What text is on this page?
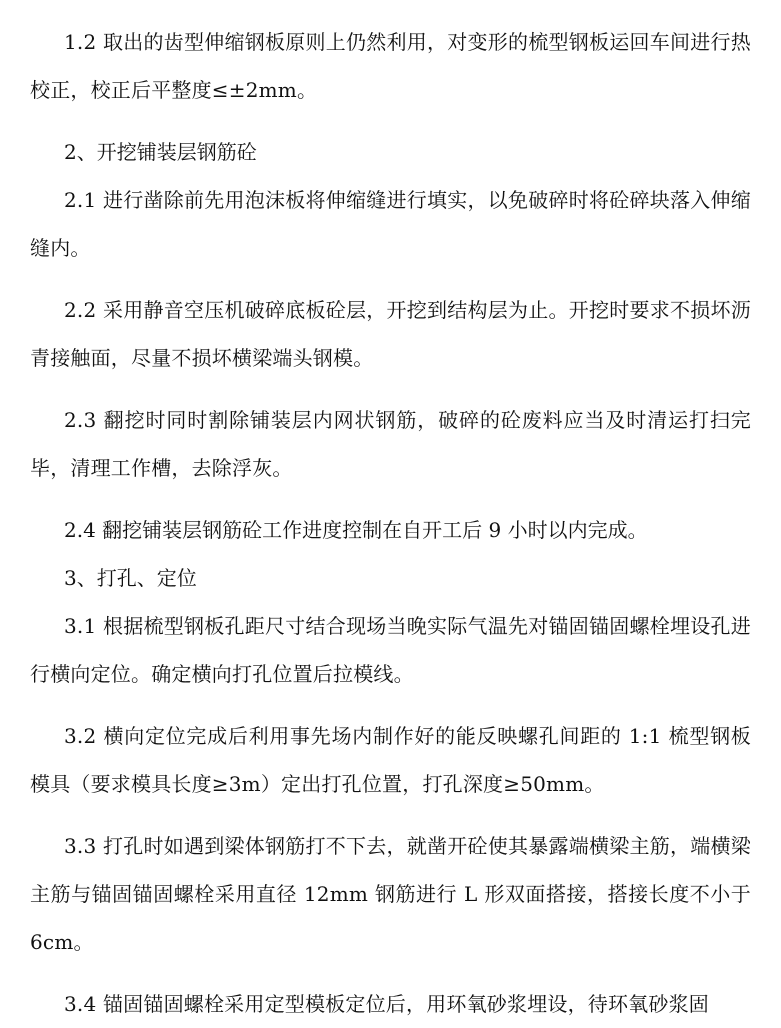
1.2 取出的齿型伸缩钢板原则上仍然利用，对变形的梳型钢板运回车间进行热校正，校正后平整度≤±2mm。

2、开挖铺装层钢筋砼

2.1 进行凿除前先用泡沫板将伸缩缝进行填实，以免破碎时将砼碎块落入伸缩缝内。

2.2 采用静音空压机破碎底板砼层，开挖到结构层为止。开挖时要求不损坏沥青接触面，尽量不损坏横梁端头钢模。

2.3 翻挖时同时割除铺装层内网状钢筋，破碎的砼废料应当及时清运打扫完毕，清理工作槽，去除浮灰。

2.4 翻挖铺装层钢筋砼工作进度控制在自开工后 9 小时以内完成。

3、打孔、定位

3.1 根据梳型钢板孔距尺寸结合现场当晚实际气温先对锚固锚固螺栓埋设孔进行横向定位。确定横向打孔位置后拉模线。

3.2 横向定位完成后利用事先场内制作好的能反映螺孔间距的 1:1 梳型钢板模具（要求模具长度≥3m）定出打孔位置，打孔深度≥50mm。

3.3 打孔时如遇到梁体钢筋打不下去，就凿开砼使其暴露端横梁主筋，端横梁主筋与锚固锚固螺栓采用直径 12mm 钢筋进行 L 形双面搭接，搭接长度不小于 6cm。

3.4 锚固锚固螺栓采用定型模板定位后，用环氧砂浆埋设，待环氧砂浆固
